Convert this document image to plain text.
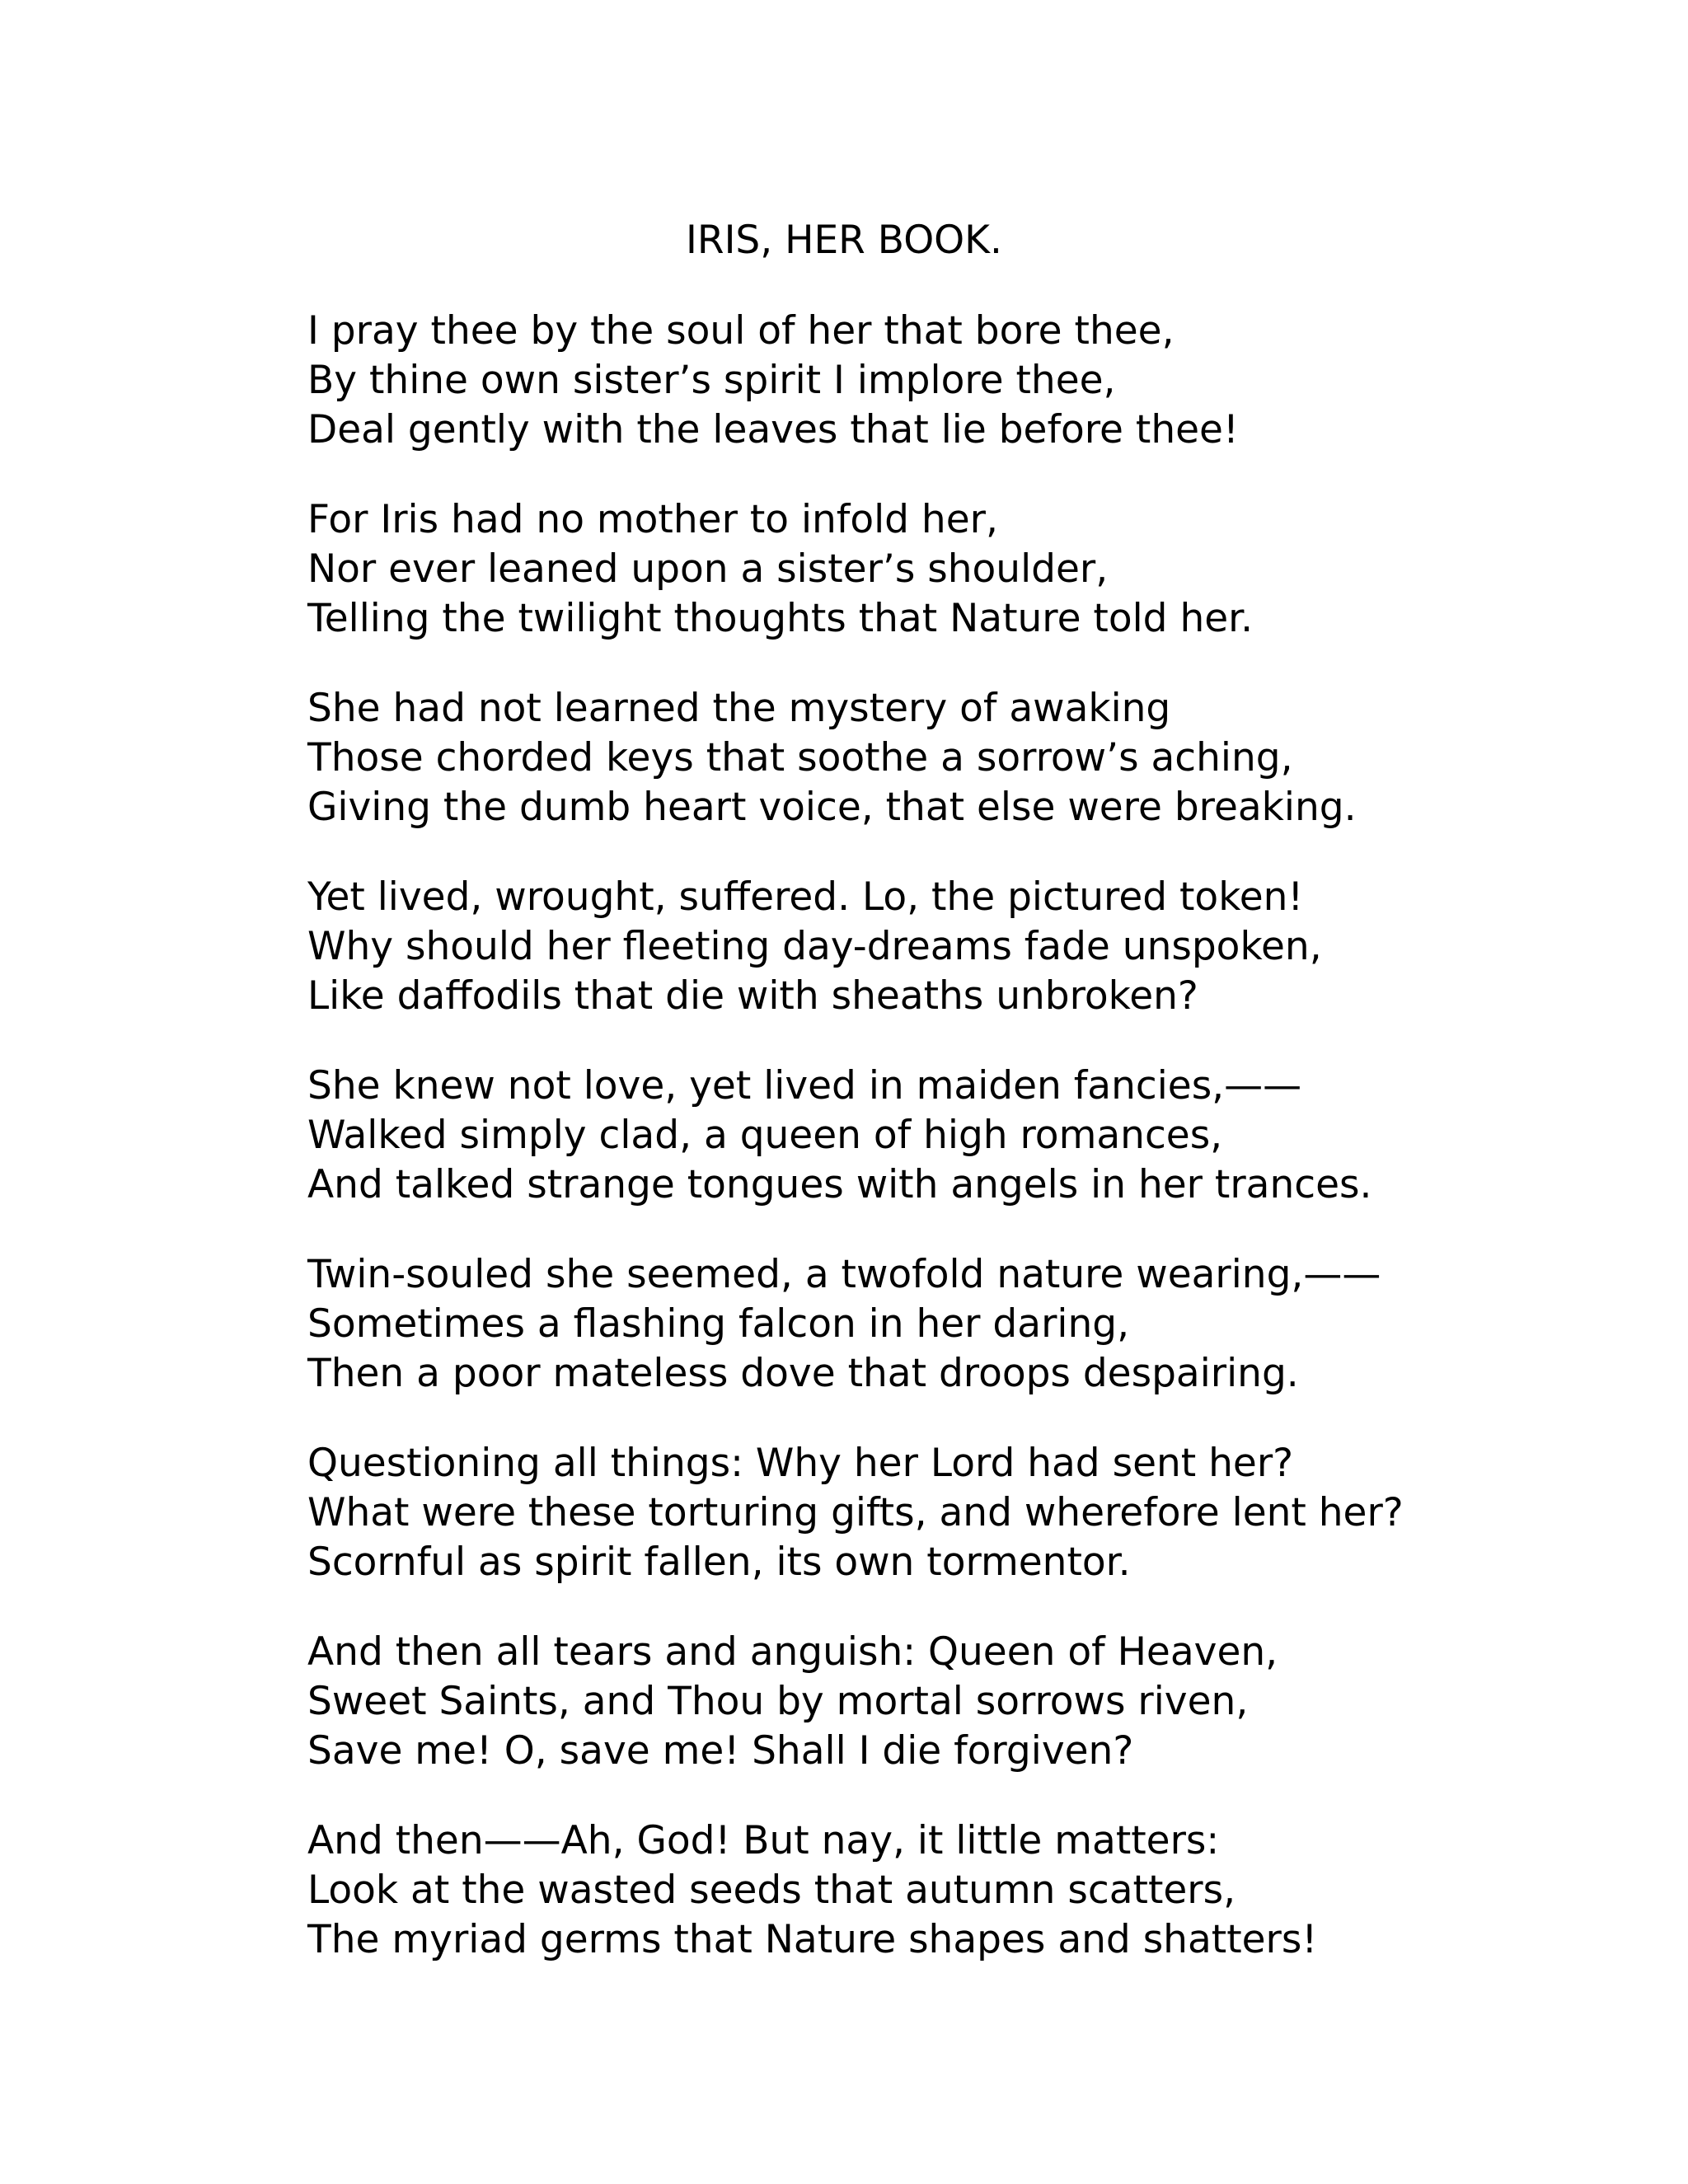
IRIS, HER BOOK.
I pray thee by the soul of her that bore thee,
By thine own sister’s spirit I implore thee,
Deal gently with the leaves that lie before thee!
For Iris had no mother to infold her,
Nor ever leaned upon a sister’s shoulder,
Telling the twilight thoughts that Nature told her.
She had not learned the mystery of awaking
Those chorded keys that soothe a sorrow’s aching,
Giving the dumb heart voice, that else were breaking.
Yet lived, wrought, suffered. Lo, the pictured token!
Why should her fleeting day-dreams fade unspoken,
Like daffodils that die with sheaths unbroken?
She knew not love, yet lived in maiden fancies,——
Walked simply clad, a queen of high romances,
And talked strange tongues with angels in her trances.
Twin-souled she seemed, a twofold nature wearing,——
Sometimes a flashing falcon in her daring,
Then a poor mateless dove that droops despairing.
Questioning all things: Why her Lord had sent her?
What were these torturing gifts, and wherefore lent her?
Scornful as spirit fallen, its own tormentor.
And then all tears and anguish: Queen of Heaven,
Sweet Saints, and Thou by mortal sorrows riven,
Save me! O, save me! Shall I die forgiven?
And then——Ah, God! But nay, it little matters:
Look at the wasted seeds that autumn scatters,
The myriad germs that Nature shapes and shatters!
